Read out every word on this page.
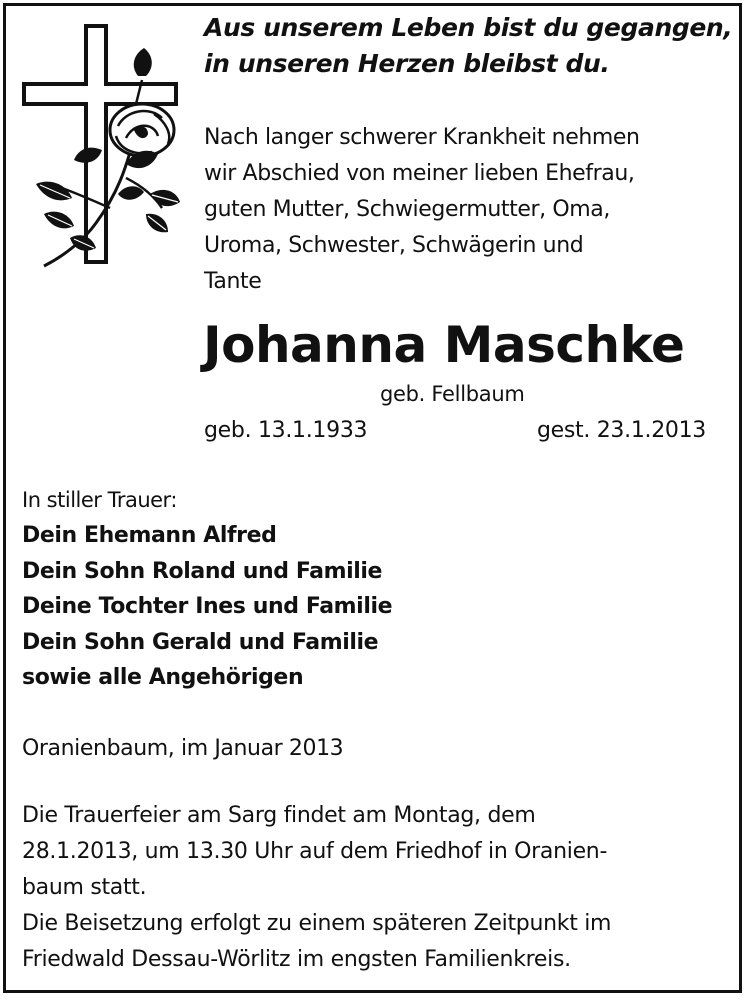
Aus unserem Leben bist du gegangen,
in unseren Herzen bleibst du.
Nach langer schwerer Krankheit nehmen
wir Abschied von meiner lieben Ehefrau,
guten Mutter, Schwiegermutter, Oma,
Uroma, Schwester, Schwägerin und
Tante
Johanna Maschke
geb. Fellbaum
geb. 13.1.1933	gest. 23.1.2013
In stiller Trauer:
Dein Ehemann Alfred
Dein Sohn Roland und Familie
Deine Tochter Ines und Familie
Dein Sohn Gerald und Familie
sowie alle Angehörigen
Oranienbaum, im Januar 2013
Die Trauerfeier am Sarg findet am Montag, dem
28.1.2013, um 13.30 Uhr auf dem Friedhof in Oranien-
baum statt.
Die Beisetzung erfolgt zu einem späteren Zeitpunkt im
Friedwald Dessau-Wörlitz im engsten Familienkreis.
